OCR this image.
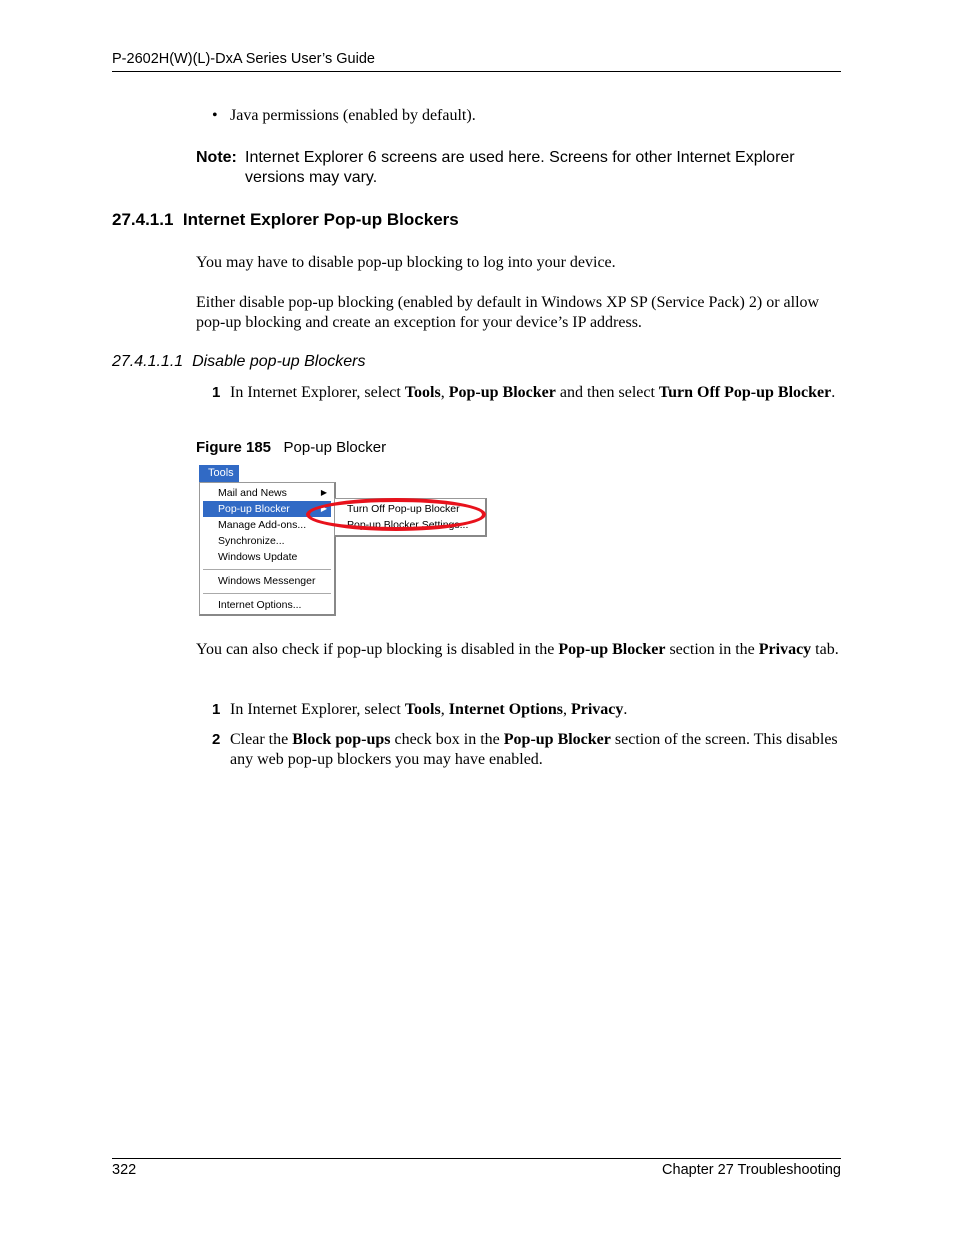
P-2602H(W)(L)-DxA Series User’s Guide
• Java permissions (enabled by default).
Note: Internet Explorer 6 screens are used here. Screens for other Internet Explorer versions may vary.
27.4.1.1  Internet Explorer Pop-up Blockers
You may have to disable pop-up blocking to log into your device.
Either disable pop-up blocking (enabled by default in Windows XP SP (Service Pack) 2) or allow pop-up blocking and create an exception for your device’s IP address.
27.4.1.1.1  Disable pop-up Blockers
1 In Internet Explorer, select Tools, Pop-up Blocker and then select Turn Off Pop-up Blocker.
Figure 185 Pop-up Blocker
Tools
Mail and News	▶
Pop-up Blocker	▶
Manage Add-ons...
Synchronize...
Windows Update
Windows Messenger
Internet Options...
Turn Off Pop-up Blocker
Pop-up Blocker Settings...
You can also check if pop-up blocking is disabled in the Pop-up Blocker section in the Privacy tab.
1 In Internet Explorer, select Tools, Internet Options, Privacy.
2 Clear the Block pop-ups check box in the Pop-up Blocker section of the screen. This disables any web pop-up blockers you may have enabled.
322	Chapter 27 Troubleshooting
